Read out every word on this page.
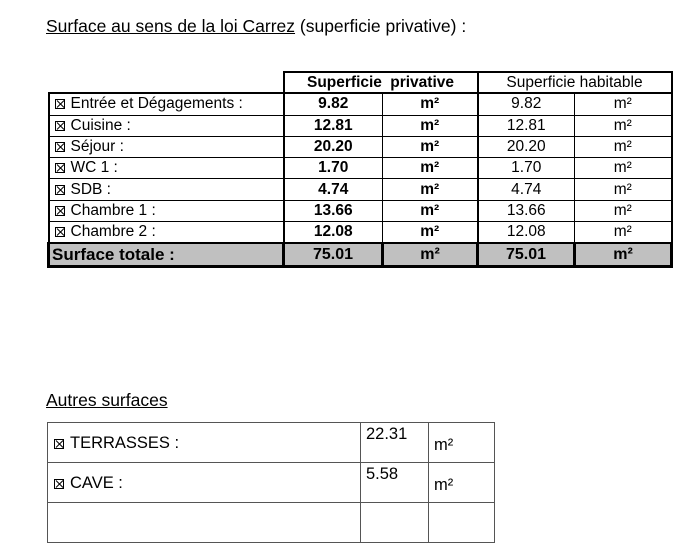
Surface au sens de la loi Carrez (superficie privative) :
	Superficie privative		Superficie habitable	
Entrée et Dégagements :	9.82	m²	9.82	m²
Cuisine :	12.81	m²	12.81	m²
Séjour :	20.20	m²	20.20	m²
WC 1 :	1.70	m²	1.70	m²
SDB :	4.74	m²	4.74	m²
Chambre 1 :	13.66	m²	13.66	m²
Chambre 2 :	12.08	m²	12.08	m²
Surface totale :	75.01	m²	75.01	m²
Autres surfaces
TERRASSES :	22.31	m²
CAVE :	5.58	m²
